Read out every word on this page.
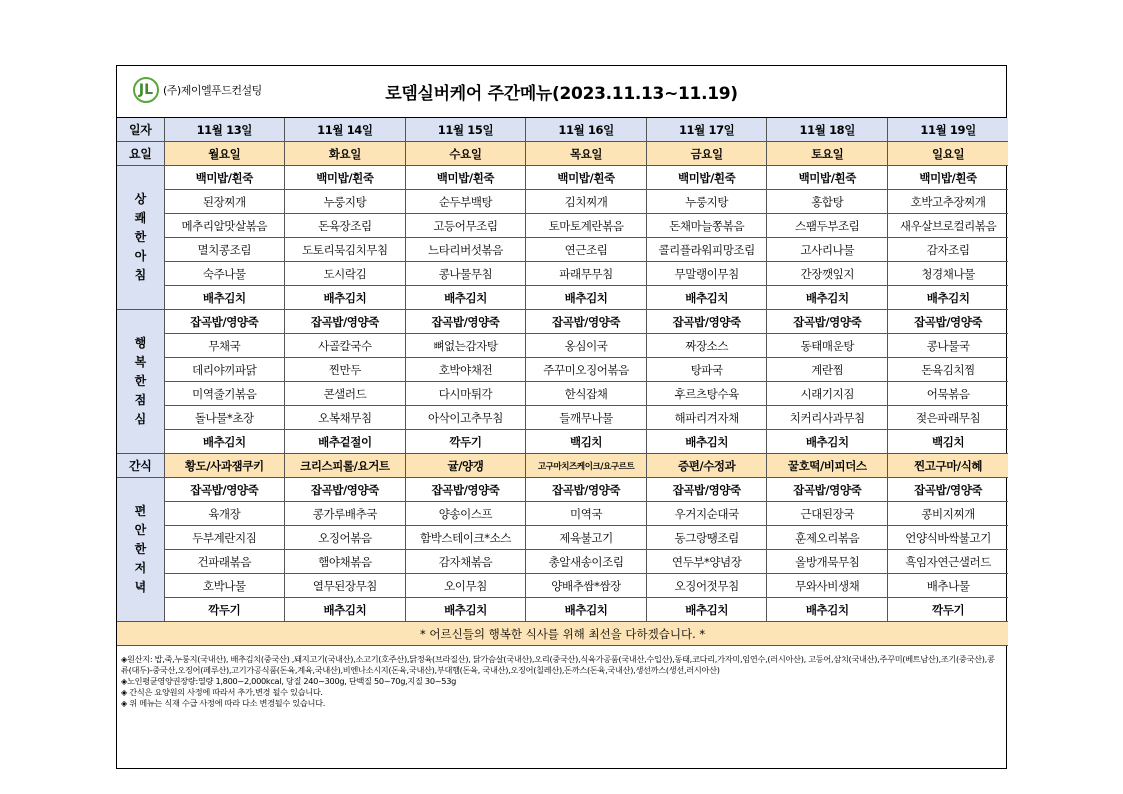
JL (주)제이엘푸드컨설팅	로뎀실버케어 주간메뉴(2023.11.13~11.19)
일자	11월 13일	11월 14일	11월 15일	11월 16일	11월 17일	11월 18일	11월 19일
요일	월요일	화요일	수요일	목요일	금요일	토요일	일요일

상
쾌
한
아
침	백미밥/흰죽	백미밥/흰죽	백미밥/흰죽	백미밥/흰죽	백미밥/흰죽	백미밥/흰죽	백미밥/흰죽
	된장찌개	누룽지탕	순두부백탕	김치찌개	누룽지탕	홍합탕	호박고추장찌개
	메추리알맛살볶음	돈육장조림	고등어무조림	토마토계란볶음	돈채마늘쫑볶음	스팸두부조림	새우살브로컬리볶음
	멸치콩조림	도토리묵김치무침	느타리버섯볶음	연근조림	콜리플라워피망조림	고사리나물	감자조림
	숙주나물	도시락김	콩나물무침	파래무무침	무말랭이무침	간장깻잎지	청경채나물
	배추김치	배추김치	배추김치	배추김치	배추김치	배추김치	배추김치

행
복
한
점
심	잡곡밥/영양죽	잡곡밥/영양죽	잡곡밥/영양죽	잡곡밥/영양죽	잡곡밥/영양죽	잡곡밥/영양죽	잡곡밥/영양죽
	무채국	사골칼국수	뼈없는감자탕	옹심이국	짜장소스	동태매운탕	콩나물국
	데리야끼파닭	찐만두	호박야채전	주꾸미오징어볶음	탕파국	계란찜	돈육김치찜
	미역줄기볶음	콘샐러드	다시마튀각	한식잡채	후르츠탕수육	시래기지짐	어묵볶음
	돌나물*초장	오복채무침	아삭이고추무침	들깨무나물	해파리겨자채	치커리사과무침	젖은파래무침
	배추김치	배추겉절이	깍두기	백김치	배추김치	배추김치	백김치
간식	황도/사과잼쿠키	크리스피롤/요거트	귤/양갱	고구마치즈케이크/요구르트	증편/수정과	꿀호떡/비피더스	찐고구마/식혜

편
안
한
저
녁	잡곡밥/영양죽	잡곡밥/영양죽	잡곡밥/영양죽	잡곡밥/영양죽	잡곡밥/영양죽	잡곡밥/영양죽	잡곡밥/영양죽
	육개장	콩가루배추국	양송이스프	미역국	우거지순대국	근대된장국	콩비지찌개
	두부계란지짐	오징어볶음	함박스테이크*소스	제육불고기	동그랑땡조림	훈제오리볶음	언양식바싹불고기
	건파래볶음	햄야채볶음	감자채볶음	총알새송이조림	연두부*양념장	올방개묵무침	흑임자연근샐러드
	호박나물	열무된장무침	오이무침	양배추쌈*쌈장	오징어젓무침	무와사비생채	배추나물
	깍두기	배추김치	배추김치	배추김치	배추김치	배추김치	깍두기
* 어르신들의 행복한 식사를 위해 최선을 다하겠습니다. *							
◈원산지: 밥,죽,누룽지(국내산), 배추김치(중국산) ,돼지고기(국내산),소고기(호주산),닭정육(브라질산), 닭가슴살(국내산),오리(중국산),식육가공품(국내산,수입산),동태,코다리,가자미,임연수,(러시아산), 고등어,삼치(국내산),주꾸미(베트남산),조기(중국산),콩류(대두)-중국산,오징어(페루산),고기가공식품(돈육,계육,국내산),비엔나소시지(돈육,국내산),부대햄(돈육, 국내산),오징어(칠레산),돈까스(돈육,국내산),생선까스(생선,러시아산)
◈노인평균영양권장량:열량 1,800~2,000kcal, 당질 240~300g, 단백질 50~70g,지질 30~53g
◈ 간식은 요양원의 사정에 따라서 추가,변경 될수 있습니다.
◈ 위 메뉴는 식재 수급 사정에 따라 다소 변경될수 있습니다.
